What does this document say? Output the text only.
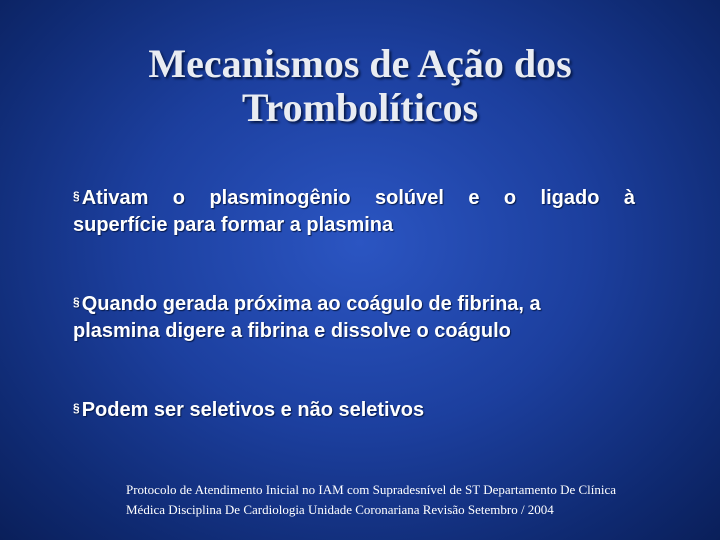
Mecanismos de Ação dos
Trombolíticos
§ Ativam o plasminogênio solúvel e o ligado à
superfície para formar a plasmina
§ Quando gerada próxima ao coágulo de fibrina, a
plasmina digere a fibrina e dissolve o coágulo
§ Podem ser seletivos e não seletivos
Protocolo de Atendimento Inicial no IAM com Supradesnível de ST Departamento De Clínica
Médica Disciplina De Cardiologia Unidade Coronariana Revisão Setembro / 2004
